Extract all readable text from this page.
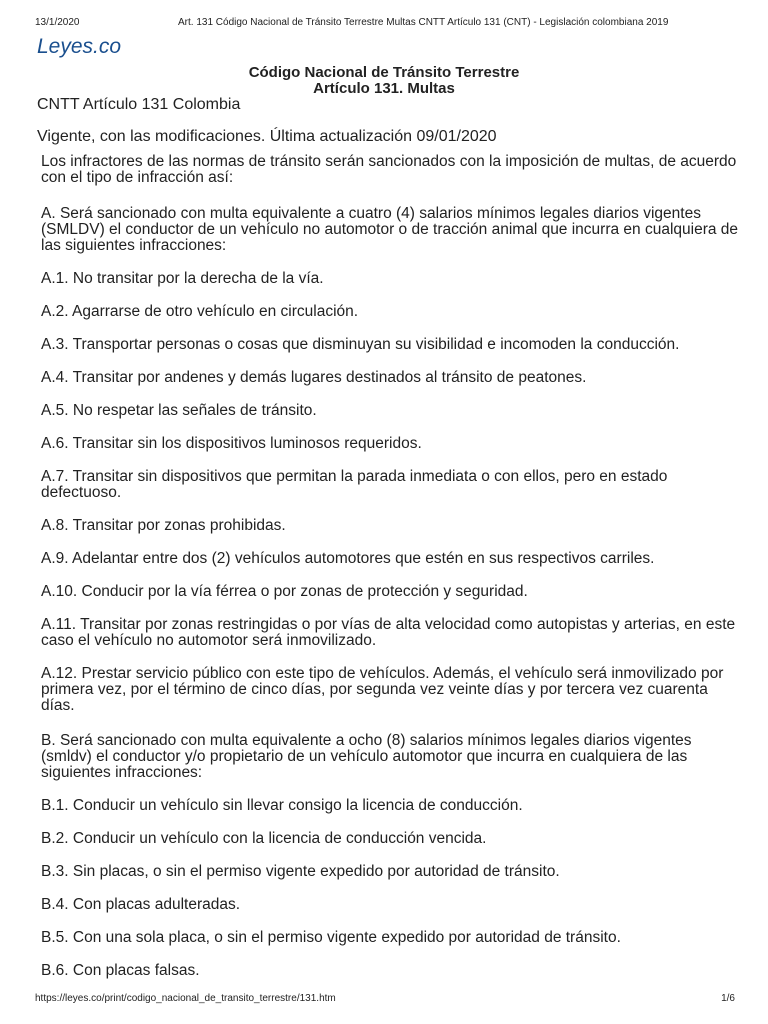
13/1/2020	Art. 131 Código Nacional de Tránsito Terrestre Multas CNTT Artículo 131 (CNT) - Legislación colombiana 2019
Leyes.co
Código Nacional de Tránsito Terrestre
Artículo 131. Multas
CNTT Artículo 131 Colombia
Vigente, con las modificaciones. Última actualización 09/01/2020

Los infractores de las normas de tránsito serán sancionados con la imposición de multas, de acuerdo con el tipo de infracción así:

A. Será sancionado con multa equivalente a cuatro (4) salarios mínimos legales diarios vigentes (SMLDV) el conductor de un vehículo no automotor o de tracción animal que incurra en cualquiera de las siguientes infracciones:

A.1. No transitar por la derecha de la vía.

A.2. Agarrarse de otro vehículo en circulación.

A.3. Transportar personas o cosas que disminuyan su visibilidad e incomoden la conducción.

A.4. Transitar por andenes y demás lugares destinados al tránsito de peatones.

A.5. No respetar las señales de tránsito.

A.6. Transitar sin los dispositivos luminosos requeridos.

A.7. Transitar sin dispositivos que permitan la parada inmediata o con ellos, pero en estado defectuoso.

A.8. Transitar por zonas prohibidas.

A.9. Adelantar entre dos (2) vehículos automotores que estén en sus respectivos carriles.

A.10. Conducir por la vía férrea o por zonas de protección y seguridad.

A.11. Transitar por zonas restringidas o por vías de alta velocidad como autopistas y arterias, en este caso el vehículo no automotor será inmovilizado.

A.12. Prestar servicio público con este tipo de vehículos. Además, el vehículo será inmovilizado por primera vez, por el término de cinco días, por segunda vez veinte días y por tercera vez cuarenta días.

B. Será sancionado con multa equivalente a ocho (8) salarios mínimos legales diarios vigentes (smldv) el conductor y/o propietario de un vehículo automotor que incurra en cualquiera de las siguientes infracciones:

B.1. Conducir un vehículo sin llevar consigo la licencia de conducción.

B.2. Conducir un vehículo con la licencia de conducción vencida.

B.3. Sin placas, o sin el permiso vigente expedido por autoridad de tránsito.

B.4. Con placas adulteradas.

B.5. Con una sola placa, o sin el permiso vigente expedido por autoridad de tránsito.

B.6. Con placas falsas.

https://leyes.co/print/codigo_nacional_de_transito_terrestre/131.htm	1/6
